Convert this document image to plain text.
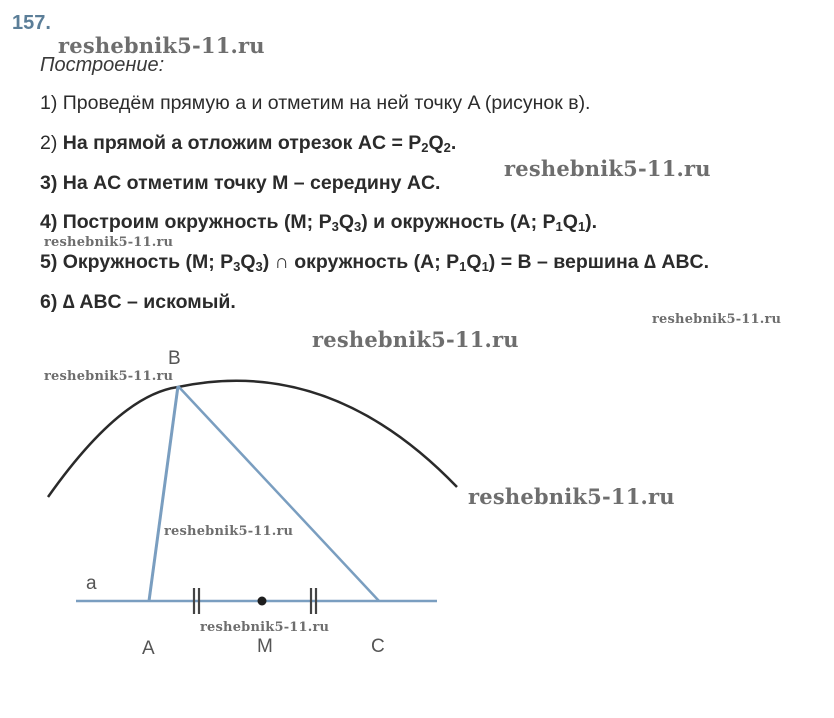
157.
reshebnik5-11.ru
Построение:
1) Проведём прямую a и отметим на ней точку A (рисунок в).
2) На прямой a отложим отрезок AC = $P_2Q_2$.
3) На AC отметим точку M – середину AC.
reshebnik5-11.ru
4) Построим окружность (M; $P_3Q_3$) и окружность (A; $P_1Q_1$).
reshebnik5-11.ru
5) Окружность (M; $P_3Q_3$) ∩ окружность (A; $P_1Q_1) = B$ – вершина ∆ ABC.
6) ∆ ABC – искомый.
reshebnik5-11.ru
reshebnik5-11.ru
B
a
A	M	C
reshebnik5-11.ru
reshebnik5-11.ru
reshebnik5-11.ru
reshebnik5-11.ru
